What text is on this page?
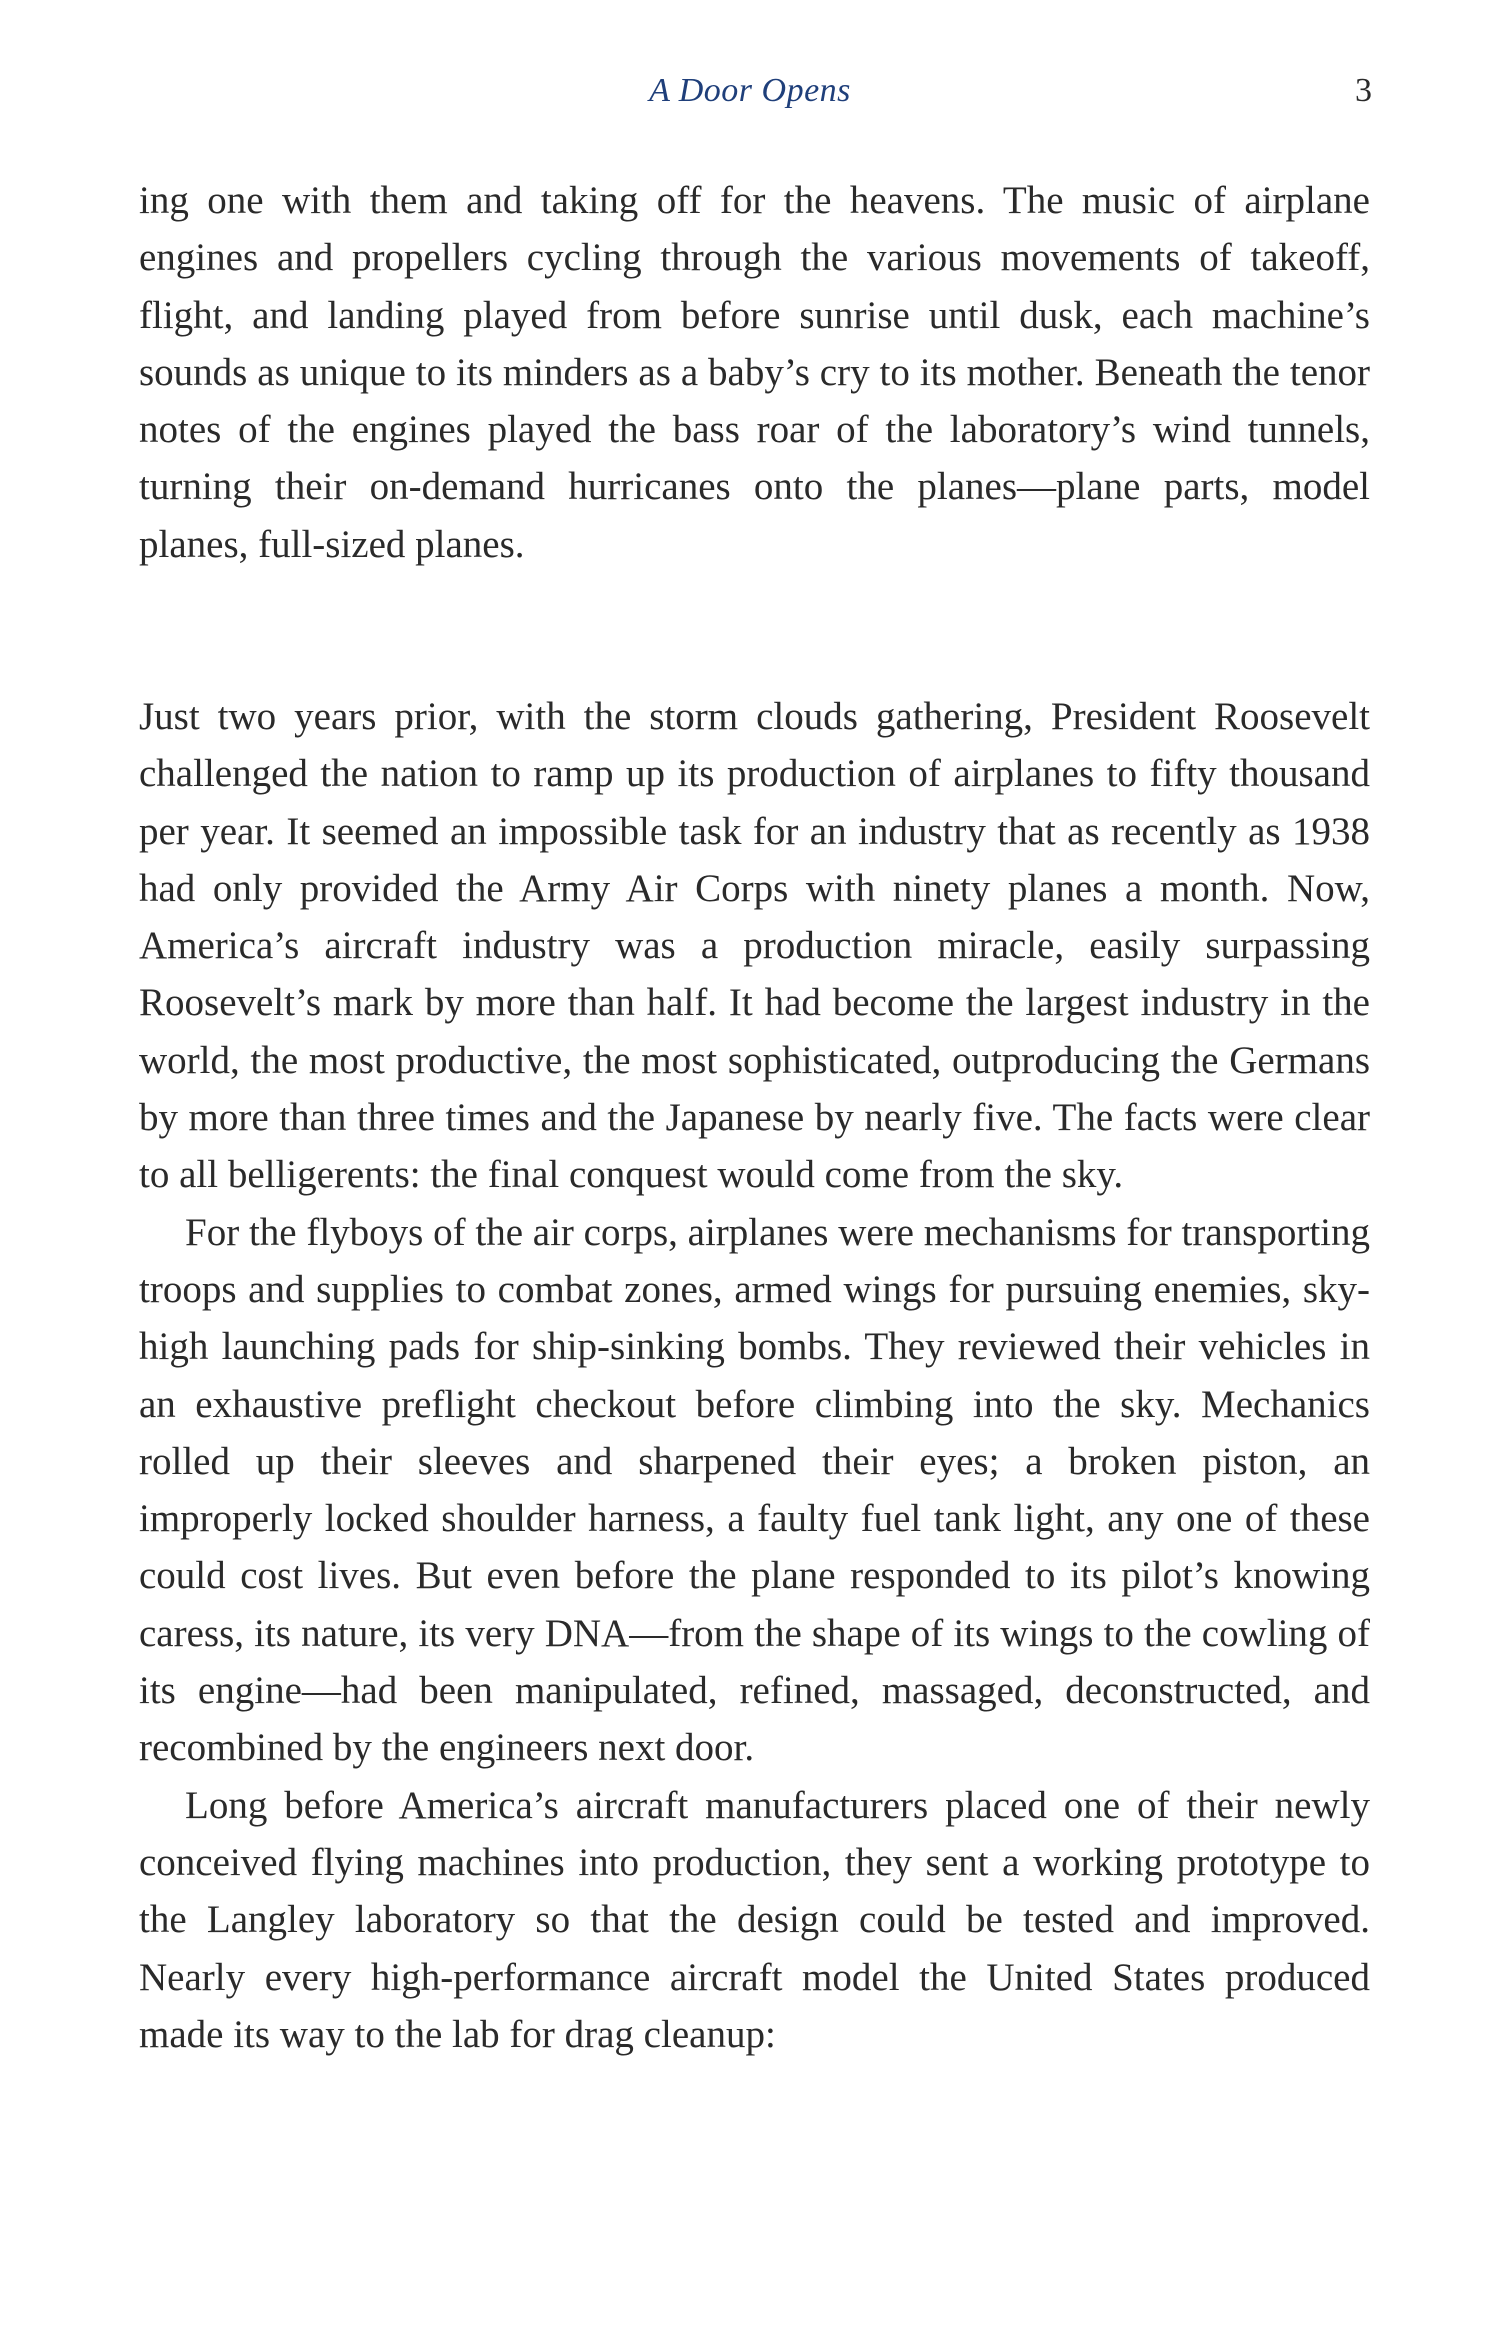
A Door Opens	3

ing one with them and taking off for the heavens. The music of airplane engines and propellers cycling through the various movements of takeoff, flight, and landing played from before sunrise until dusk, each machine’s sounds as unique to its minders as a baby’s cry to its mother. Beneath the tenor notes of the engines played the bass roar of the laboratory’s wind tunnels, turning their on-demand hurricanes onto the planes—plane parts, model planes, full-sized planes.

Just two years prior, with the storm clouds gathering, President Roosevelt challenged the nation to ramp up its production of airplanes to fifty thousand per year. It seemed an impossible task for an industry that as recently as 1938 had only provided the Army Air Corps with ninety planes a month. Now, America’s aircraft industry was a production miracle, easily surpassing Roosevelt’s mark by more than half. It had become the largest industry in the world, the most productive, the most sophisticated, outproducing the Germans by more than three times and the Japanese by nearly five. The facts were clear to all belligerents: the final conquest would come from the sky.

For the flyboys of the air corps, airplanes were mechanisms for transporting troops and supplies to combat zones, armed wings for pursuing enemies, sky-high launching pads for ship-sinking bombs. They reviewed their vehicles in an exhaustive preflight checkout before climbing into the sky. Mechanics rolled up their sleeves and sharpened their eyes; a broken piston, an improperly locked shoulder harness, a faulty fuel tank light, any one of these could cost lives. But even before the plane responded to its pilot’s knowing caress, its nature, its very DNA—from the shape of its wings to the cowling of its engine—had been manipulated, refined, massaged, deconstructed, and recombined by the engineers next door.

Long before America’s aircraft manufacturers placed one of their newly conceived flying machines into production, they sent a working prototype to the Langley laboratory so that the design could be tested and improved. Nearly every high-performance aircraft model the United States produced made its way to the lab for drag cleanup:
